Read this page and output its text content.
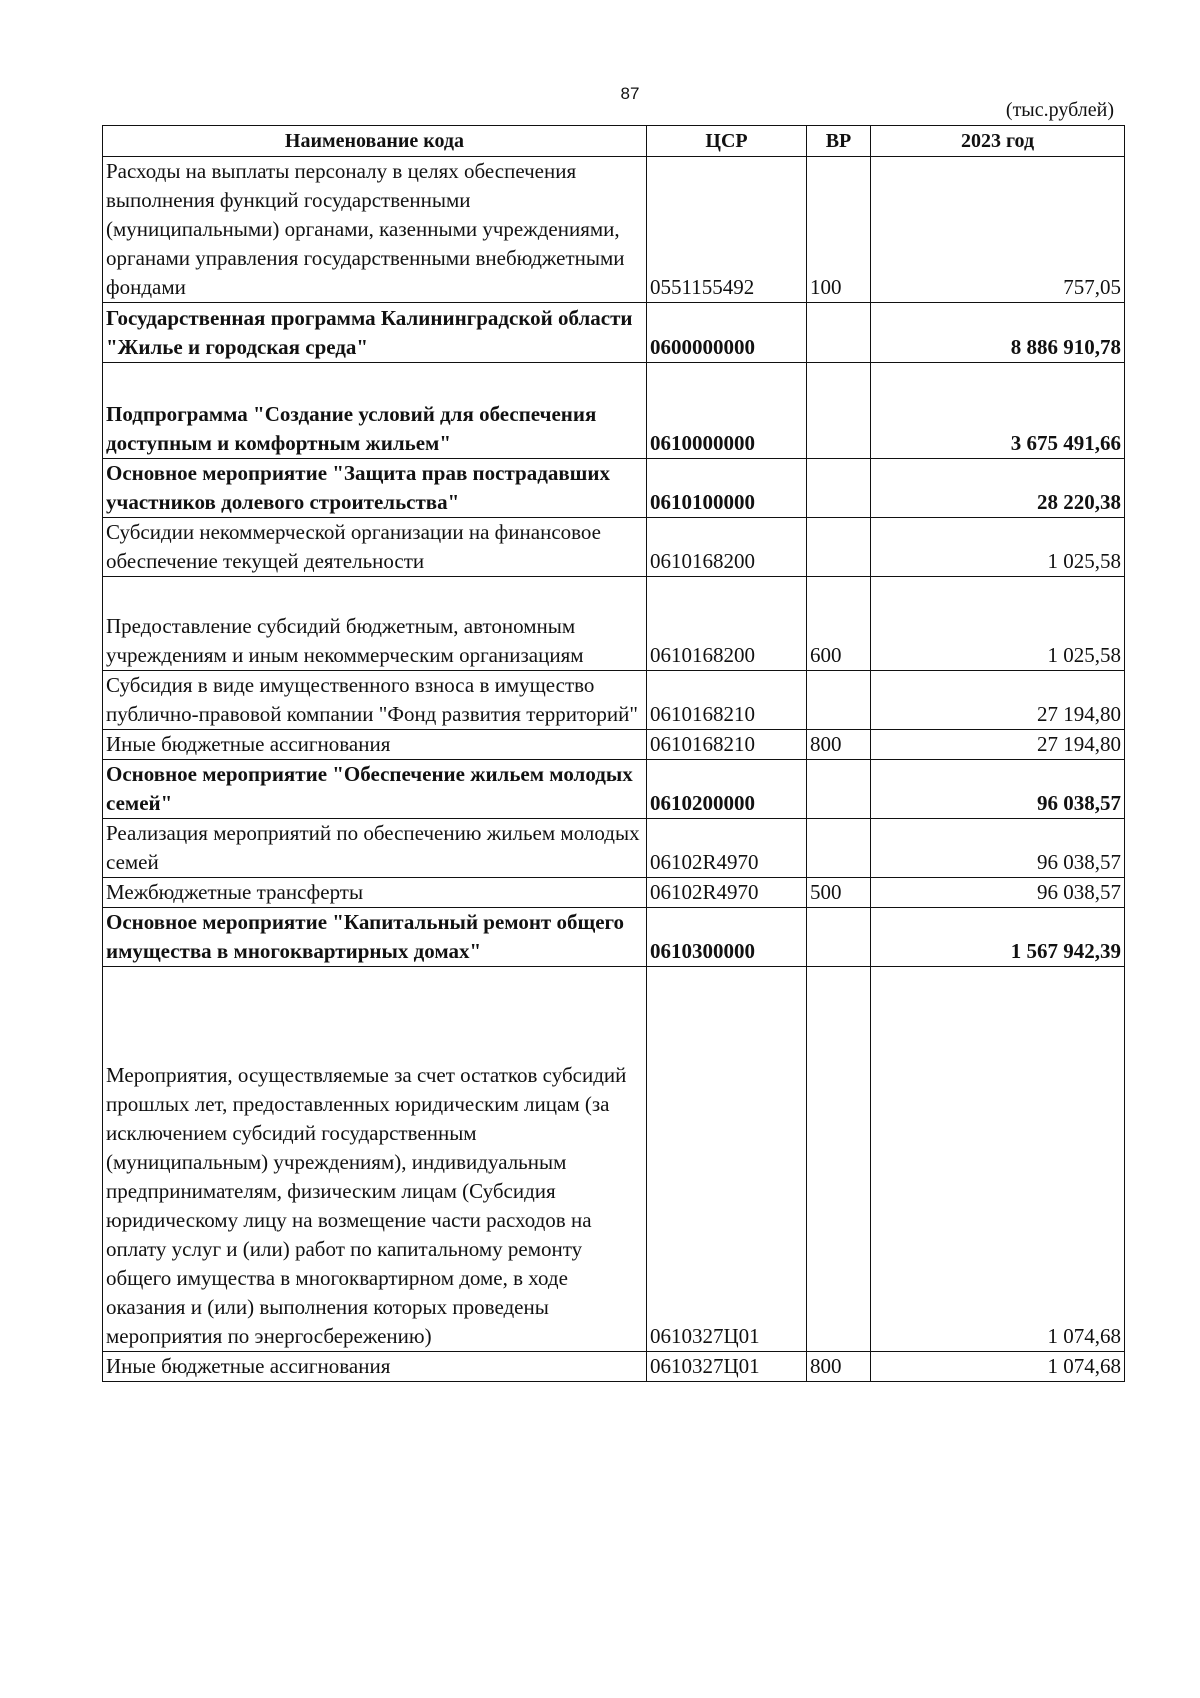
87
(тыс.рублей)
Наименование кода	ЦСР	ВР	2023 год
Расходы на выплаты персоналу в целях обеспечения выполнения функций государственными (муниципальными) органами, казенными учреждениями, органами управления государственными внебюджетными фондами	0551155492	100	757,05
Государственная программа Калининградской области "Жилье и городская среда"	0600000000		8 886 910,78
Подпрограмма "Создание условий для обеспечения доступным и комфортным жильем"	0610000000		3 675 491,66
Основное мероприятие "Защита прав пострадавших участников долевого строительства"	0610100000		28 220,38
Субсидии некоммерческой организации на финансовое обеспечение текущей деятельности	0610168200		1 025,58
Предоставление субсидий бюджетным, автономным учреждениям и иным некоммерческим организациям	0610168200	600	1 025,58
Субсидия в виде имущественного взноса в имущество публично-правовой компании "Фонд развития территорий"	0610168210		27 194,80
Иные бюджетные ассигнования	0610168210	800	27 194,80
Основное мероприятие "Обеспечение жильем молодых семей"	0610200000		96 038,57
Реализация мероприятий по обеспечению жильем молодых семей	06102R4970		96 038,57
Межбюджетные трансферты	06102R4970	500	96 038,57
Основное мероприятие "Капитальный ремонт общего имущества в многоквартирных домах"	0610300000		1 567 942,39
Мероприятия, осуществляемые за счет остатков субсидий прошлых лет, предоставленных юридическим лицам (за исключением субсидий государственным (муниципальным) учреждениям), индивидуальным предпринимателям, физическим лицам (Субсидия юридическому лицу на возмещение части расходов на оплату услуг и (или) работ по капитальному ремонту общего имущества в многоквартирном доме, в ходе оказания и (или) выполнения которых проведены мероприятия по энергосбережению)	0610327Ц01		1 074,68
Иные бюджетные ассигнования	0610327Ц01	800	1 074,68
